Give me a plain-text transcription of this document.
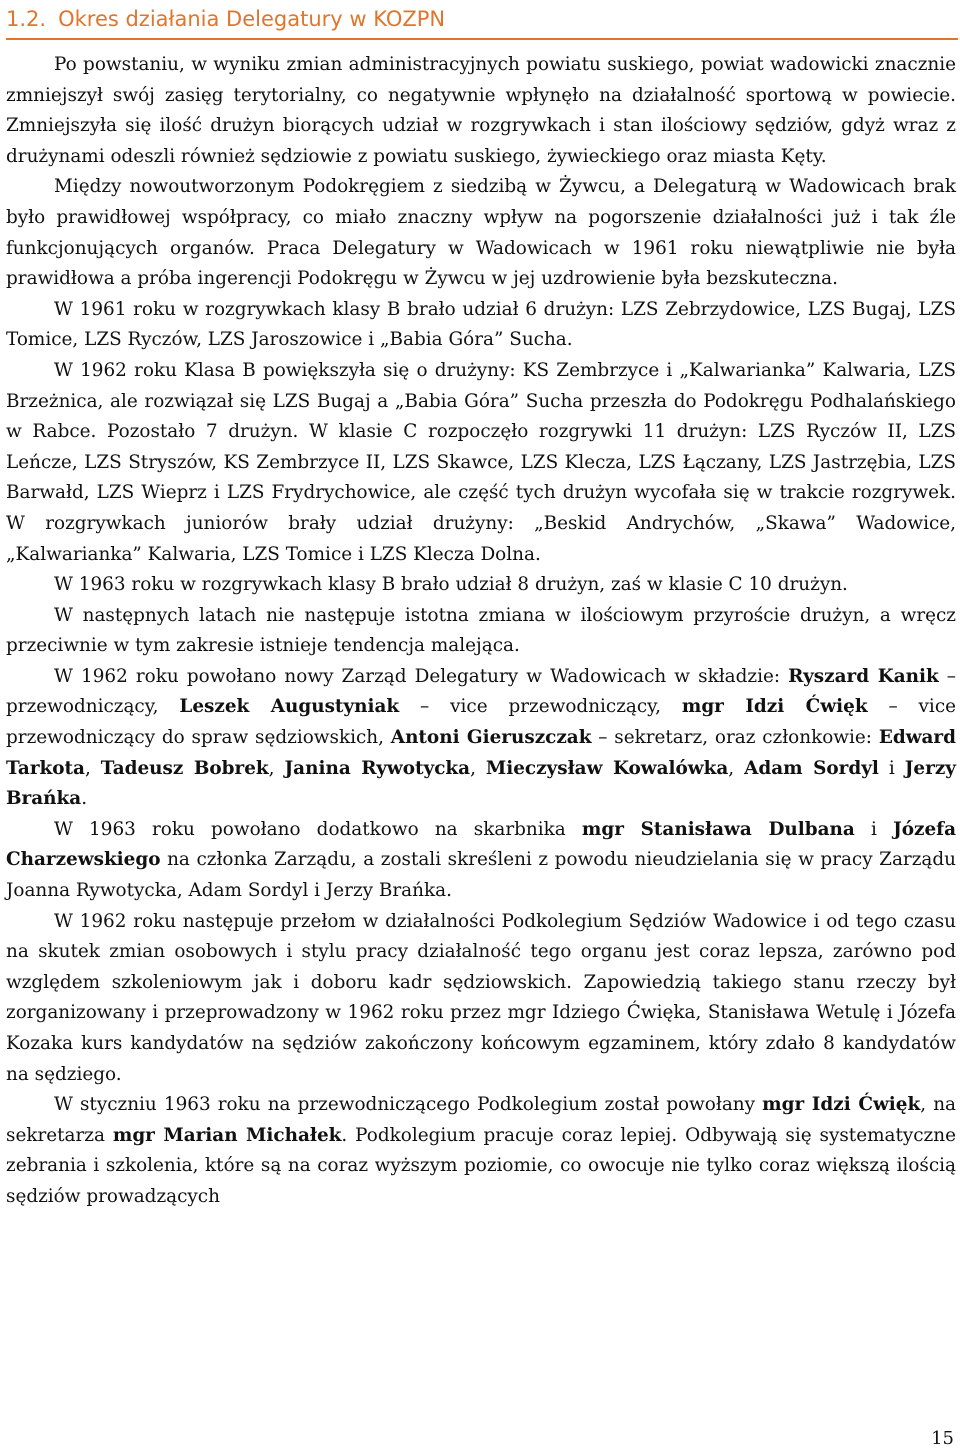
1.2. Okres działania Delegatury w KOZPN

Po powstaniu, w wyniku zmian administracyjnych powiatu suskiego, powiat wadowicki znacznie zmniejszył swój zasięg terytorialny, co negatywnie wpłynęło na działalność sportową w powiecie. Zmniejszyła się ilość drużyn biorących udział w rozgrywkach i stan ilościowy sędziów, gdyż wraz z drużynami odeszli również sędziowie z powiatu suskiego, żywieckiego oraz miasta Kęty.

Między nowoutworzonym Podokręgiem z siedzibą w Żywcu, a Delegaturą w Wadowicach brak było prawidłowej współpracy, co miało znaczny wpływ na pogorszenie działalności już i tak źle funkcjonujących organów. Praca Delegatury w Wadowicach w 1961 roku niewątpliwie nie była prawidłowa a próba ingerencji Podokręgu w Żywcu w jej uzdrowienie była bezskuteczna.

W 1961 roku w rozgrywkach klasy B brało udział 6 drużyn: LZS Zebrzydowice, LZS Bugaj, LZS Tomice, LZS Ryczów, LZS Jaroszowice i „Babia Góra” Sucha.

W 1962 roku Klasa B powiększyła się o drużyny: KS Zembrzyce i „Kalwarianka” Kalwaria, LZS Brzeżnica, ale rozwiązał się LZS Bugaj a „Babia Góra” Sucha przeszła do Podokręgu Podhalańskiego w Rabce. Pozostało 7 drużyn. W klasie C rozpoczęło rozgrywki 11 drużyn: LZS Ryczów II, LZS Leńcze, LZS Stryszów, KS Zembrzyce II, LZS Skawce, LZS Klecza, LZS Łączany, LZS Jastrzębia, LZS Barwałd, LZS Wieprz i LZS Frydrychowice, ale część tych drużyn wycofała się w trakcie rozgrywek. W rozgrywkach juniorów brały udział drużyny: „Beskid Andrychów, „Skawa” Wadowice, „Kalwarianka” Kalwaria, LZS Tomice i LZS Klecza Dolna.

W 1963 roku w rozgrywkach klasy B brało udział 8 drużyn, zaś w klasie C 10 drużyn.

W następnych latach nie następuje istotna zmiana w ilościowym przyroście drużyn, a wręcz przeciwnie w tym zakresie istnieje tendencja malejąca.

W 1962 roku powołano nowy Zarząd Delegatury w Wadowicach w składzie: Ryszard Kanik – przewodniczący, Leszek Augustyniak – vice przewodniczący, mgr Idzi Ćwięk – vice przewodniczący do spraw sędziowskich, Antoni Gieruszczak – sekretarz, oraz członkowie: Edward Tarkota, Tadeusz Bobrek, Janina Rywotycka, Mieczysław Kowalówka, Adam Sordyl i Jerzy Brańka.

W 1963 roku powołano dodatkowo na skarbnika mgr Stanisława Dulbana i Józefa Charzewskiego na członka Zarządu, a zostali skreśleni z powodu nieudzielania się w pracy Zarządu Joanna Rywotycka, Adam Sordyl i Jerzy Brańka.

W 1962 roku następuje przełom w działalności Podkolegium Sędziów Wadowice i od tego czasu na skutek zmian osobowych i stylu pracy działalność tego organu jest coraz lepsza, zarówno pod względem szkoleniowym jak i doboru kadr sędziowskich. Zapowiedzią takiego stanu rzeczy był zorganizowany i przeprowadzony w 1962 roku przez mgr Idziego Ćwięka, Stanisława Wetulę i Józefa Kozaka kurs kandydatów na sędziów zakończony końcowym egzaminem, który zdało 8 kandydatów na sędziego.

W styczniu 1963 roku na przewodniczącego Podkolegium został powołany mgr Idzi Ćwięk, na sekretarza mgr Marian Michałek. Podkolegium pracuje coraz lepiej. Odbywają się systematyczne zebrania i szkolenia, które są na coraz wyższym poziomie, co owocuje nie tylko coraz większą ilością sędziów prowadzących

15
